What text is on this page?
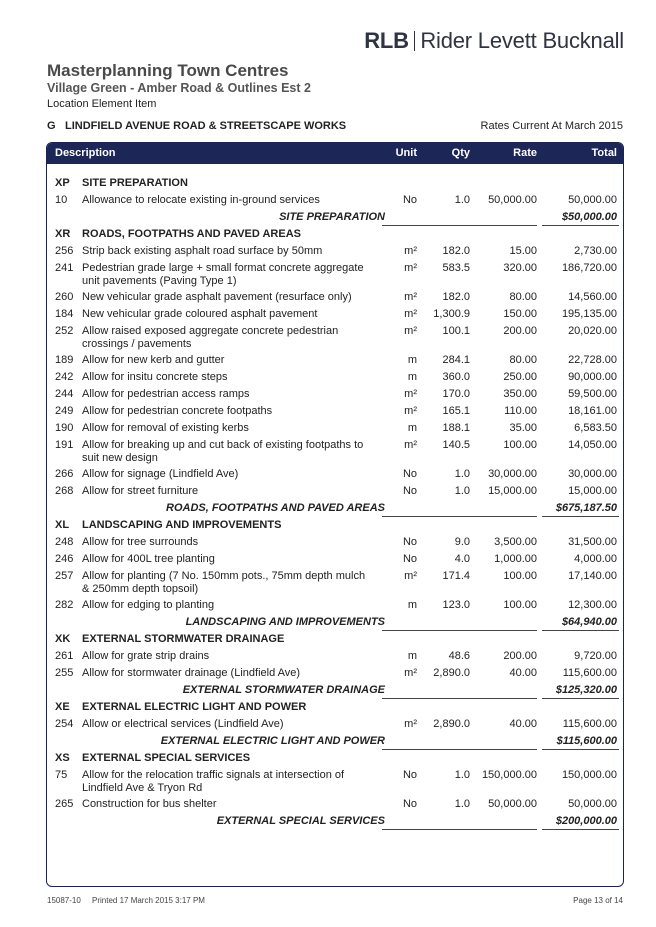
RLB Rider Levett Bucknall
Masterplanning Town Centres
Village Green - Amber Road & Outlines Est 2
Location Element Item
G LINDFIELD AVENUE ROAD & STREETSCAPE WORKS	Rates Current At March 2015
Description	Unit	Qty	Rate	Total
XP SITE PREPARATION
10 Allowance to relocate existing in-ground services	No	1.0	50,000.00	50,000.00
SITE PREPARATION	$50,000.00
XR ROADS, FOOTPATHS AND PAVED AREAS
256 Strip back existing asphalt road surface by 50mm	m²	182.0	15.00	2,730.00
241 Pedestrian grade large + small format concrete aggregate unit pavements (Paving Type 1)
m²	583.5	320.00	186,720.00
260 New vehicular grade asphalt pavement (resurface only)	m²	182.0	80.00	14,560.00
184 New vehicular grade coloured asphalt pavement	m²	1,300.9	150.00	195,135.00
252 Allow raised exposed aggregate concrete pedestrian crossings / pavements
m²	100.1	200.00	20,020.00
189 Allow for new kerb and gutter	m	284.1	80.00	22,728.00
242 Allow for insitu concrete steps	m	360.0	250.00	90,000.00
244 Allow for pedestrian access ramps	m²	170.0	350.00	59,500.00
249 Allow for pedestrian concrete footpaths	m²	165.1	110.00	18,161.00
190 Allow for removal of existing kerbs	m	188.1	35.00	6,583.50
191 Allow for breaking up and cut back of existing footpaths to suit new design
m²	140.5	100.00	14,050.00
266 Allow for signage (Lindfield Ave)	No	1.0	30,000.00	30,000.00
268 Allow for street furniture	No	1.0	15,000.00	15,000.00
ROADS, FOOTPATHS AND PAVED AREAS	$675,187.50
XL LANDSCAPING AND IMPROVEMENTS
248 Allow for tree surrounds	No	9.0	3,500.00	31,500.00
246 Allow for 400L tree planting	No	4.0	1,000.00	4,000.00
257 Allow for planting (7 No. 150mm pots., 75mm depth mulch & 250mm depth topsoil)
m²	171.4	100.00	17,140.00
282 Allow for edging to planting	m	123.0	100.00	12,300.00
LANDSCAPING AND IMPROVEMENTS	$64,940.00
XK EXTERNAL STORMWATER DRAINAGE
261 Allow for grate strip drains	m	48.6	200.00	9,720.00
255 Allow for stormwater drainage (Lindfield Ave)	m²	2,890.0	40.00	115,600.00
EXTERNAL STORMWATER DRAINAGE	$125,320.00
XE EXTERNAL ELECTRIC LIGHT AND POWER
254 Allow or electrical services (Lindfield Ave)	m²	2,890.0	40.00	115,600.00
EXTERNAL ELECTRIC LIGHT AND POWER	$115,600.00
XS EXTERNAL SPECIAL SERVICES
75 Allow for the relocation traffic signals at intersection of Lindfield Ave & Tryon Rd
No	1.0	150,000.00	150,000.00
265 Construction for bus shelter	No	1.0	50,000.00	50,000.00
EXTERNAL SPECIAL SERVICES	$200,000.00
15087-10 Printed 17 March 2015 3:17 PM	Page 13 of 14
